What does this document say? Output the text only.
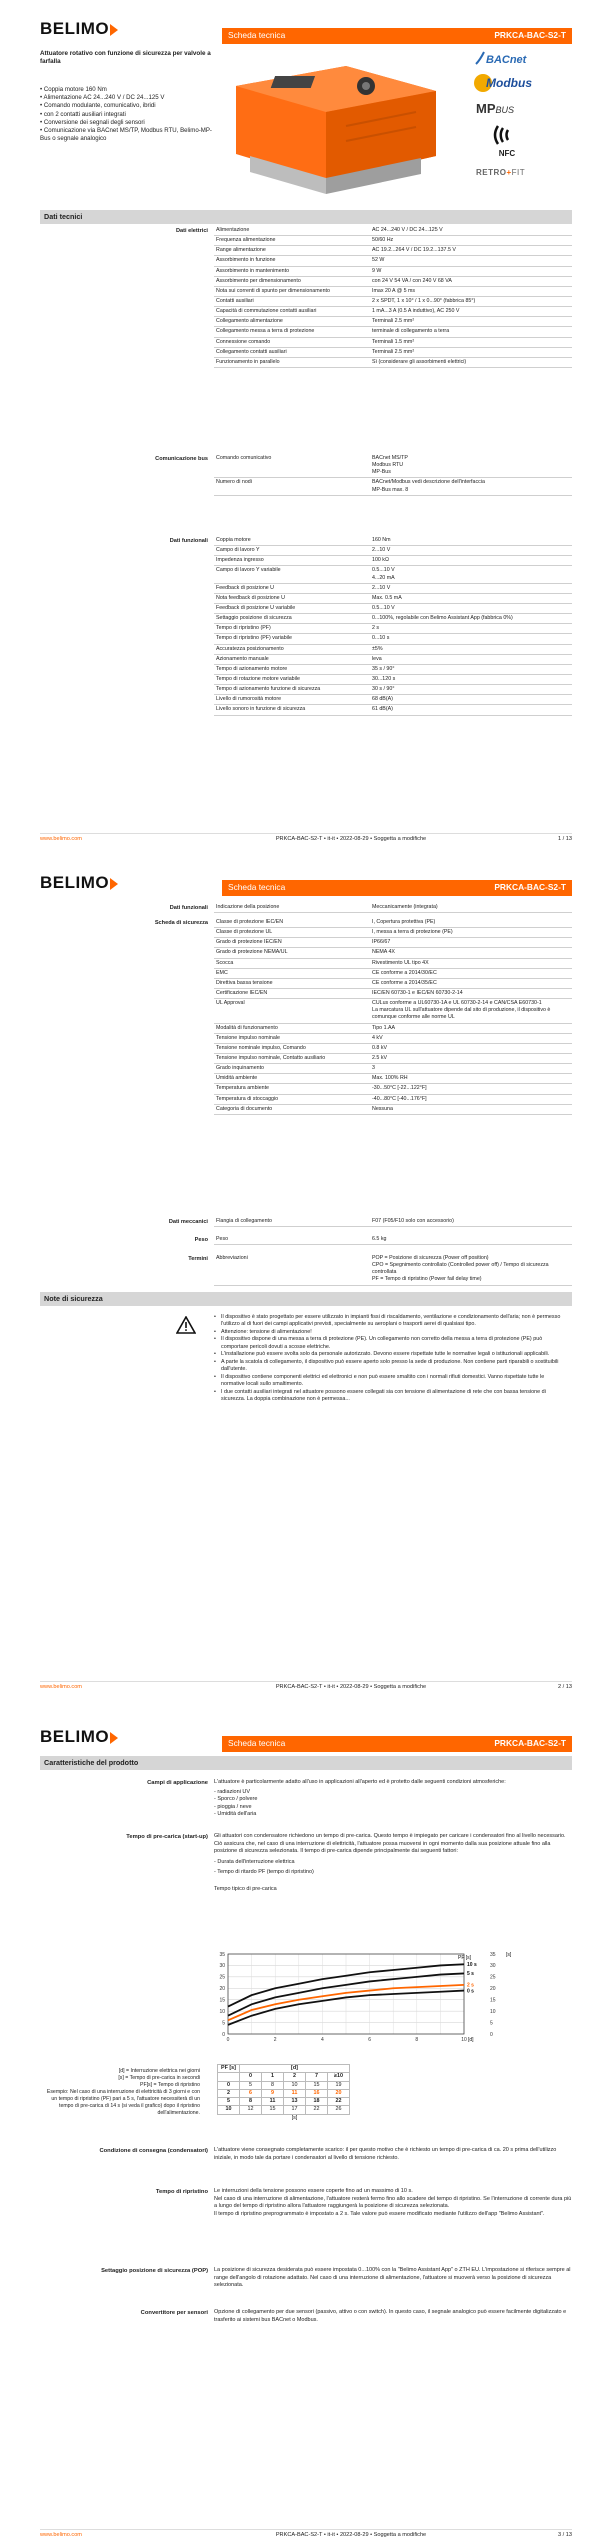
BELIMO	Scheda tecnica	PRKCA-BAC-S2-T
Attuatore rotativo con funzione di sicurezza per valvole a farfalla
• Coppia motore 160 Nm
• Alimentazione AC 24...240 V / DC 24...125 V
• Comando modulante, comunicativo, ibridi
• con 2 contatti ausiliari integrati
• Conversione dei segnali degli sensori
• Comunicazione via BACnet MS/TP, Modbus RTU, Belimo-MP-Bus o segnale analogico
BACnet
Modbus
MPBUS
NFC
RETRO+FIT
Dati tecnici
Dati elettrici Alimentazione	AC 24...240 V / DC 24...125 V
Frequenza alimentazione	50/60 Hz
Range alimentazione	AC 19.2...264 V / DC 19.2...137.5 V
Assorbimento in funzione	52 W
Assorbimento in mantenimento	9 W
Assorbimento per dimensionamento	con 24 V 54 VA / con 240 V 68 VA
Nota sui correnti di spunto per dimensionamento	Imax 20 A @ 5 ms
Contatti ausiliari	2 x SPDT, 1 x 10° / 1 x 0...90° (fabbrica 85°)
Capacità di commutazione contatti ausiliari	1 mA...3 A (0.5 A induttivo), AC 250 V
Collegamento alimentazione	Terminali 2.5 mm²
Collegamento messa a terra di protezione	terminale di collegamento a terra
Connessione comando	Terminali 1.5 mm²
Collegamento contatti ausiliari	Terminali 2.5 mm²
Funzionamento in parallelo	Sì (considerare gli assorbimenti elettrici)
Comunicazione bus Comando comunicativo	BACnet MS/TP
Modbus RTU
MP-Bus
Numero di nodi	BACnet/Modbus vedi descrizione dell'interfaccia
MP-Bus max. 8
Dati funzionali Coppia motore	160 Nm
Campo di lavoro Y	2...10 V
Impedenza ingresso	100 kΩ
Campo di lavoro Y variabile	0.5...10 V
4...20 mA
Feedback di posizione U	2...10 V
Nota feedback di posizione U	Max. 0.5 mA
Feedback di posizione U variabile	0.5...10 V
Settaggio posizione di sicurezza	0...100%, regolabile con Belimo Assistant App (fabbrica 0%)
Tempo di ripristino (PF)	2 s
Tempo di ripristino (PF) variabile	0...10 s
Accuratezza posizionamento	±5%
Azionamento manuale	leva
Tempo di azionamento motore	35 s / 90°
Tempo di rotazione motore variabile	30...120 s
Tempo di azionamento funzione di sicurezza	30 s / 90°
Livello di rumorosità motore	68 dB(A)
Livello sonoro in funzione di sicurezza	61 dB(A)
www.belimo.com	PRKCA-BAC-S2-T • it-it • 2022-08-29 • Soggetta a modifiche	1 / 13
BELIMO	Scheda tecnica	PRKCA-BAC-S2-T
Dati funzionali Indicazione della posizione	Meccanicamente (integrata)
Scheda di sicurezza Classe di protezione IEC/EN	I, Copertura protettiva (PE)
Classe di protezione UL	I, messa a terra di protezione (PE)
Grado di protezione IEC/EN	IP66/67
Grado di protezione NEMA/UL	NEMA 4X
Scocca	Rivestimento UL tipo 4X
EMC	CE conforme a 2014/30/EC
Direttiva bassa tensione	CE conforme a 2014/35/EC
Certificazione IEC/EN	IEC/EN 60730-1 e IEC/EN 60730-2-14
UL Approval	CULus conforme a UL60730-1A e UL 60730-2-14 e CAN/CSA E60730-1
La marcatura UL sull'attuatore dipende dal sito di produzione, il dispositivo è comunque conforme alle norme UL
Modalità di funzionamento	Tipo 1.AA
Tensione impulso nominale	4 kV
Tensione nominale impulso, Comando	0.8 kV
Tensione impulso nominale, Contatto ausiliario	2.5 kV
Grado inquinamento	3
Umidità ambiente	Max. 100% RH
Temperatura ambiente	-30...50°C [-22...122°F]
Temperatura di stoccaggio	-40...80°C [-40...176°F]
Categoria di documento	Nessuna
Dati meccanici Flangia di collegamento	F07 (F05/F10 solo con accessorio)
Peso Peso	6.5 kg
Termini Abbreviazioni	POP = Posizione di sicurezza (Power off position)
CPO = Spegnimento controllato (Controlled power off) / Tempo di sicurezza controllata
PF = Tempo di ripristino (Power fail delay time)
Note di sicurezza
• Il dispositivo è stato progettato per essere utilizzato in impianti fissi di riscaldamento, ventilazione e condizionamento dell'aria; non è permesso l'utilizzo al di fuori dei campi applicativi previsti, specialmente su aeroplani o trasporti aerei di qualsiasi tipo.
• Attenzione: tensione di alimentazione!
• Il dispositivo dispone di una messa a terra di protezione (PE). Un collegamento non corretto della messa a terra di protezione (PE) può comportare pericoli dovuti a scosse elettriche.
• L'installazione può essere svolta solo da personale autorizzato. Devono essere rispettate tutte le normative legali o istituzionali applicabili.
• A parte la scatola di collegamento, il dispositivo può essere aperto solo presso la sede di produzione. Non contiene parti riparabili o sostituibili dall'utente.
• Il dispositivo contiene componenti elettrici ed elettronici e non può essere smaltito con i normali rifiuti domestici. Vanno rispettate tutte le normative locali sullo smaltimento.
• I due contatti ausiliari integrati nel attuatore possono essere collegati sia con tensione di alimentazione di rete che con bassa tensione di sicurezza. La doppia combinazione non è permessa...
www.belimo.com	PRKCA-BAC-S2-T • it-it • 2022-08-29 • Soggetta a modifiche	2 / 13
BELIMO	Scheda tecnica	PRKCA-BAC-S2-T
Caratteristiche del prodotto
Campi di applicazione L'attuatore è particolarmente adatto all'uso in applicazioni all'aperto ed è protetto dalle seguenti condizioni atmosferiche:

- radiazioni UV
- Sporco / polvere
- pioggia / neve
- Umidità dell'aria
Tempo di pre-carica (start-up) Gli attuatori con condensatore richiedono un tempo di pre-carica. Questo tempo è impiegato per caricare i condensatori fino al livello necessario. Ciò assicura che, nel caso di una interruzione di elettricità, l'attuatore possa muoversi in ogni momento dalla sua posizione attuale fino alla posizione di sicurezza selezionata. Il tempo di pre-carica dipende principalmente dai seguenti fattori:

- Durata dell'interruzione elettrica
- Tempo di ritardo PF (tempo di ripristino)
Tempo tipico di pre-carica
0	0
5	5
10	10
15	15
20	20
25	25
30	30
35	35
0	2	4	6	8	10
10 s
5 s
2 s
0 s
PF [s]
[d]
[s]
[d] = Interruzione elettrica nei giorni
[s] = Tempo di pre-carica in secondi
PF[s] = Tempo di ripristino
Esempio: Nel caso di una interruzione di elettricità di 3 giorni e con un tempo di ripristino (PF) pari a 5 s, l'attuatore necessiterà di un tempo di pre-carica di 14 s (si veda il grafico) dopo il ripristino dell'alimentazione.
PF [s]	[d]				
	0	1	2	7	≥10
0	5	8	10	15	19
2	6	9	11	16	20
5	8	11	13	18	22
10	12	15	17	22	26
	[s]				
Condizione di consegna (condensatori) L'attuatore viene consegnato completamente scarico: il per questo motivo che è richiesto un tempo di pre-carica di ca. 20 s prima dell'utilizzo iniziale, in modo tale da portare i condensatori al livello di tensione richiesto.
Tempo di ripristino Le interruzioni della tensione possono essere coperte fino ad un massimo di 10 s.
Nel caso di una interruzione di alimentazione, l'attuatore resterà fermo fino allo scadere del tempo di ripristino. Se l'interruzione di corrente dura più a lungo del tempo di ripristino allora l'attuatore raggiungerà la posizione di sicurezza selezionata.
Il tempo di ripristino preprogrammato è impostato a 2 s. Tale valore può essere modificato mediante l'utilizzo dell'app "Belimo Assistant".
Settaggio posizione di sicurezza (POP) La posizione di sicurezza desiderata può essere impostata 0...100% con la "Belimo Assistant App" o ZTH EU. L'impostazione si riferisce sempre al range dell'angolo di rotazione adattato. Nel caso di una interruzione di alimentazione, l'attuatore si muoverà verso la posizione di sicurezza selezionata.
Convertitore per sensori Opzione di collegamento per due sensori (passivo, attivo o con switch). In questo caso, il segnale analogico può essere facilmente digitalizzato e trasferito ai sistemi bus BACnet o Modbus.
www.belimo.com	PRKCA-BAC-S2-T • it-it • 2022-08-29 • Soggetta a modifiche	3 / 13
